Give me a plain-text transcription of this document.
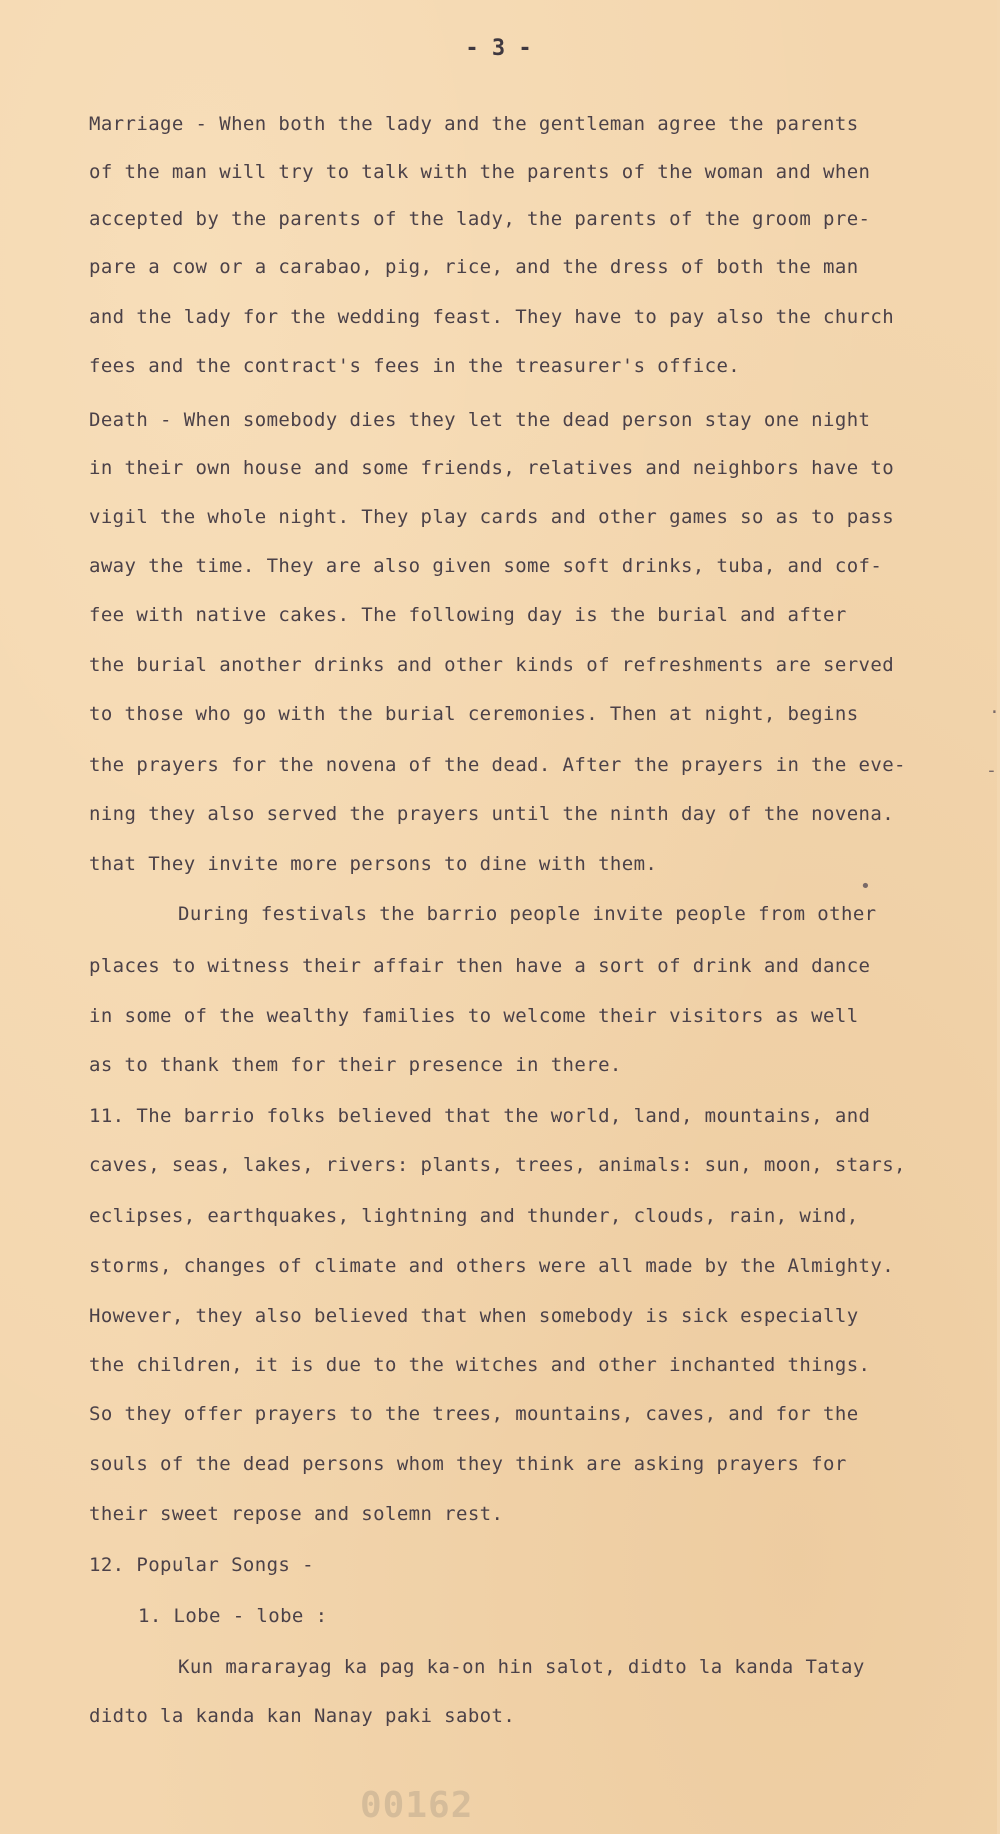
- 3 -
Marriage - When both the lady and the gentleman agree the parents
of the man will try to talk with the parents of the woman and when
accepted by the parents of the lady, the parents of the groom pre-
pare a cow or a carabao, pig, rice, and the dress of both the man
and the lady for the wedding feast. They have to pay also the church
fees and the contract's fees in the treasurer's office.
Death - When somebody dies they let the dead person stay one night
in their own house and some friends, relatives and neighbors have to
vigil the whole night. They play cards and other games so as to pass
away the time. They are also given some soft drinks, tuba, and cof-
fee with native cakes. The following day is the burial and after
the burial another drinks and other kinds of refreshments are served
to those who go with the burial ceremonies. Then at night, begins
the prayers for the novena of the dead. After the prayers in the eve-
ning they also served the prayers until the ninth day of the novena.
that They invite more persons to dine with them.
During festivals the barrio people invite people from other
places to witness their affair then have a sort of drink and dance
in some of the wealthy families to welcome their visitors as well
as to thank them for their presence in there.
11. The barrio folks believed that the world, land, mountains, and
caves, seas, lakes, rivers: plants, trees, animals: sun, moon, stars,
eclipses, earthquakes, lightning and thunder, clouds, rain, wind,
storms, changes of climate and others were all made by the Almighty.
However, they also believed that when somebody is sick especially
the children, it is due to the witches and other inchanted things.
So they offer prayers to the trees, mountains, caves, and for the
souls of the dead persons whom they think are asking prayers for
their sweet repose and solemn rest.
12. Popular Songs -
1. Lobe - lobe :
Kun mararayag ka pag ka-on hin salot, didto la kanda Tatay
didto la kanda kan Nanay paki sabot.
-
·
•
00162
